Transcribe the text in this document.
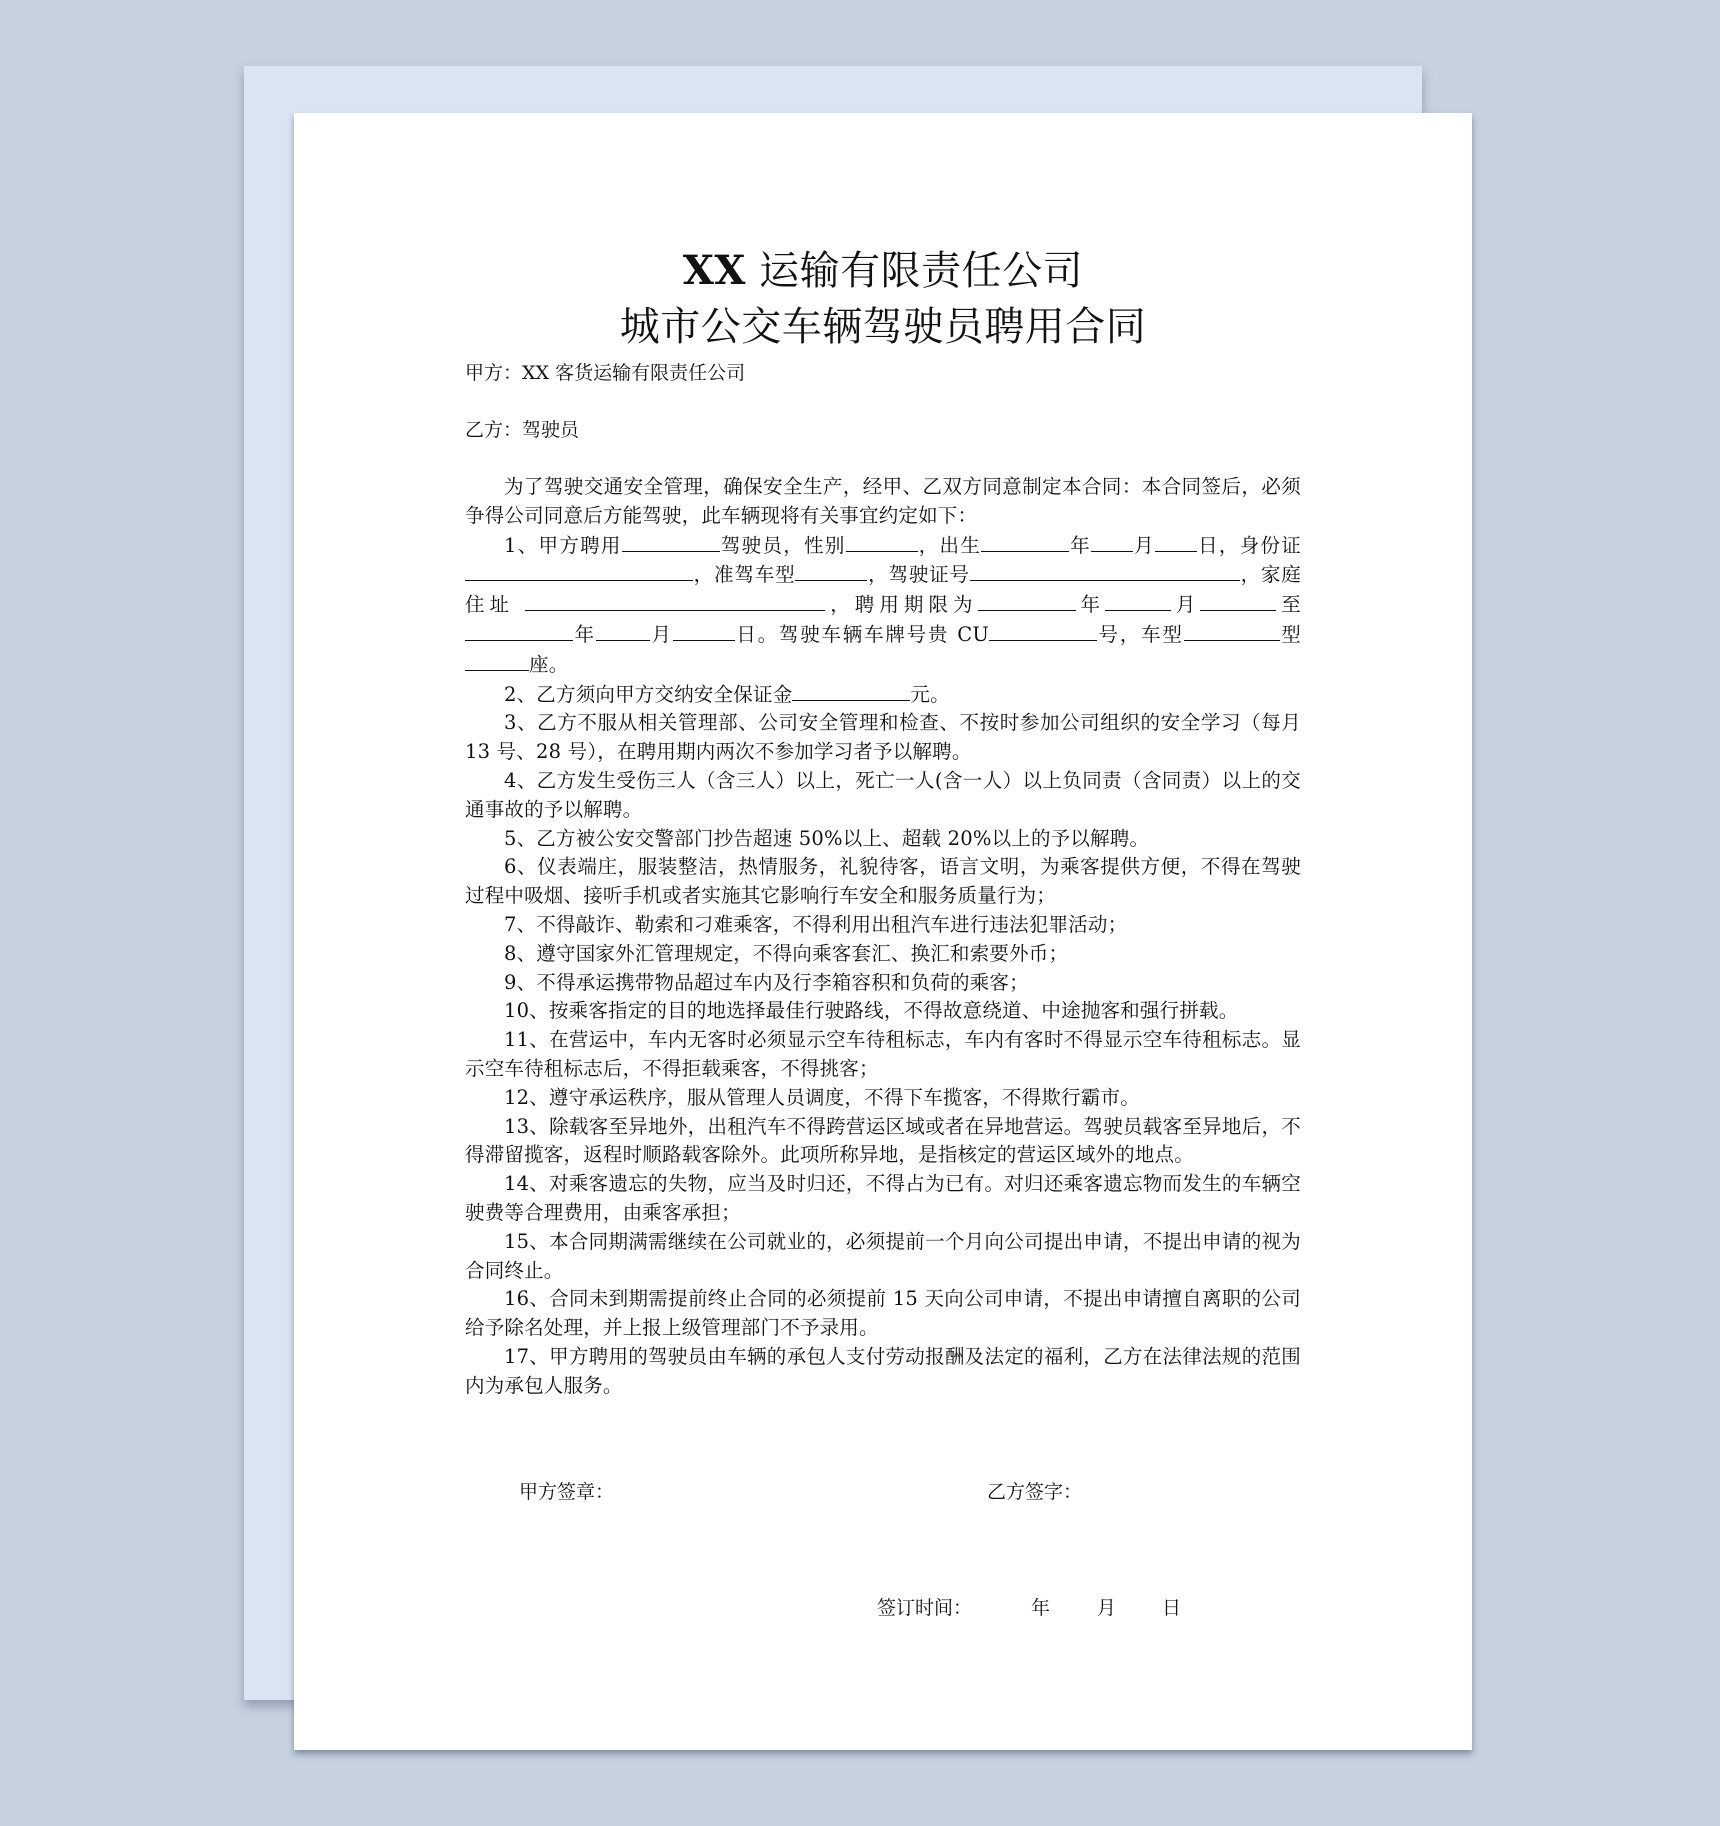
XX 运输有限责任公司
城市公交车辆驾驶员聘用合同

甲方：XX 客货运输有限责任公司

乙方：驾驶员

为了驾驶交通安全管理，确保安全生产，经甲、乙双方同意制定本合同：本合同签后，必须争得公司同意后方能驾驶，此车辆现将有关事宜约定如下：

1、甲方聘用	驾驶员，性别	，出生	年 月 日，身份证，准驾车型	，驾驶证号	，家庭住址	，聘用期限为	年	月	至年	月	日。驾驶车辆车牌号贵 CU	号，车型	型座。

2、乙方须向甲方交纳安全保证金	元。

3、乙方不服从相关管理部、公司安全管理和检查、不按时参加公司组织的安全学习（每月 13 号、28 号），在聘用期内两次不参加学习者予以解聘。

4、乙方发生受伤三人（含三人）以上，死亡一人(含一人）以上负同责（含同责）以上的交通事故的予以解聘。

5、乙方被公安交警部门抄告超速 50%以上、超载 20%以上的予以解聘。

6、仪表端庄，服装整洁，热情服务，礼貌待客，语言文明，为乘客提供方便，不得在驾驶过程中吸烟、接听手机或者实施其它影响行车安全和服务质量行为；

7、不得敲诈、勒索和刁难乘客，不得利用出租汽车进行违法犯罪活动；

8、遵守国家外汇管理规定，不得向乘客套汇、换汇和索要外币；

9、不得承运携带物品超过车内及行李箱容积和负荷的乘客；

10、按乘客指定的目的地选择最佳行驶路线，不得故意绕道、中途抛客和强行拼载。

11、在营运中，车内无客时必须显示空车待租标志，车内有客时不得显示空车待租标志。显示空车待租标志后，不得拒载乘客，不得挑客；

12、遵守承运秩序，服从管理人员调度，不得下车揽客，不得欺行霸市。

13、除载客至异地外，出租汽车不得跨营运区域或者在异地营运。驾驶员载客至异地后，不得滞留揽客，返程时顺路载客除外。此项所称异地，是指核定的营运区域外的地点。

14、对乘客遗忘的失物，应当及时归还，不得占为已有。对归还乘客遗忘物而发生的车辆空驶费等合理费用，由乘客承担；

15、本合同期满需继续在公司就业的，必须提前一个月向公司提出申请，不提出申请的视为合同终止。

16、合同未到期需提前终止合同的必须提前 15 天向公司申请，不提出申请擅自离职的公司给予除名处理，并上报上级管理部门不予录用。

17、甲方聘用的驾驶员由车辆的承包人支付劳动报酬及法定的福利，乙方在法律法规的范围内为承包人服务。

甲方签章：	乙方签字：
签订时间：	年 月 日
